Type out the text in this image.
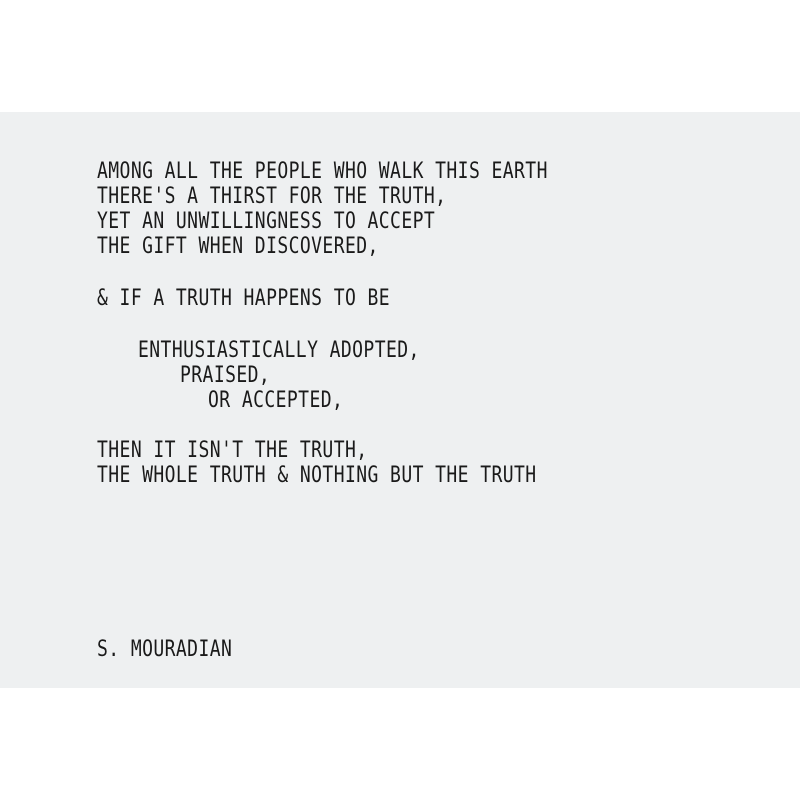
AMONG ALL THE PEOPLE WHO WALK THIS EARTH

THERE'S A THIRST FOR THE TRUTH,

YET AN UNWILLINGNESS TO ACCEPT

THE GIFT WHEN DISCOVERED,

& IF A TRUTH HAPPENS TO BE

ENTHUSIASTICALLY ADOPTED,

PRAISED,

OR ACCEPTED,

THEN IT ISN'T THE TRUTH,

THE WHOLE TRUTH & NOTHING BUT THE TRUTH

S. MOURADIAN
